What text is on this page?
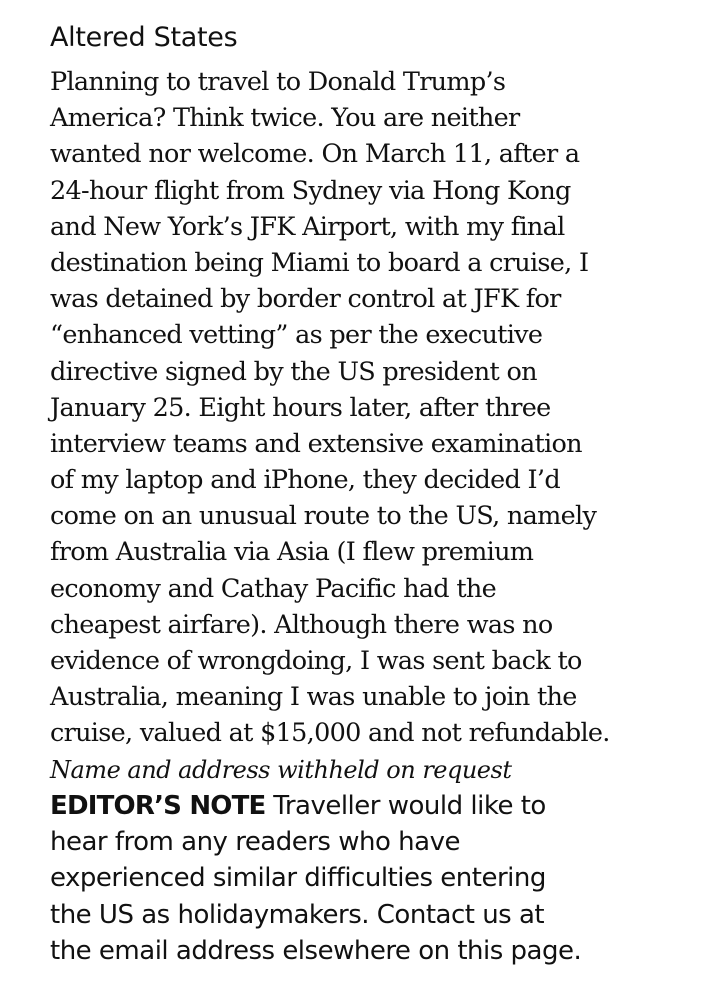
Altered States
Planning to travel to Donald Trump’s
America? Think twice. You are neither
wanted nor welcome. On March 11, after a
24-hour flight from Sydney via Hong Kong
and New York’s JFK Airport, with my final
destination being Miami to board a cruise, I
was detained by border control at JFK for
“enhanced vetting” as per the executive
directive signed by the US president on
January 25. Eight hours later, after three
interview teams and extensive examination
of my laptop and iPhone, they decided I’d
come on an unusual route to the US, namely
from Australia via Asia (I flew premium
economy and Cathay Pacific had the
cheapest airfare). Although there was no
evidence of wrongdoing, I was sent back to
Australia, meaning I was unable to join the
cruise, valued at $15,000 and not refundable.
Name and address withheld on request
EDITOR’S NOTE Traveller would like to
hear from any readers who have
experienced similar difficulties entering
the US as holidaymakers. Contact us at
the email address elsewhere on this page.
